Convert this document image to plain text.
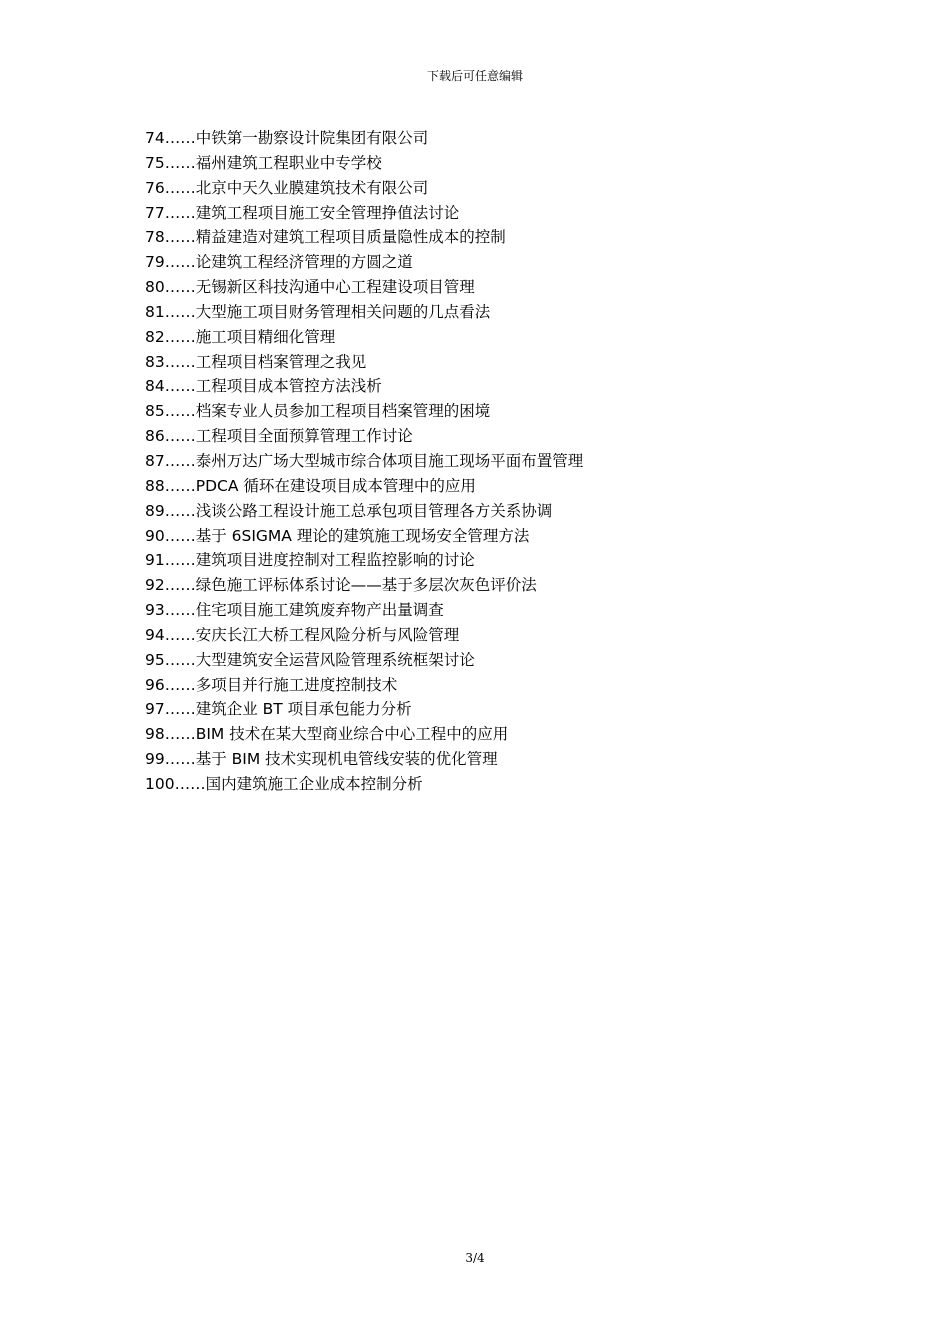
下载后可任意编辑
74……中铁第一勘察设计院集团有限公司
75……福州建筑工程职业中专学校
76……北京中天久业膜建筑技术有限公司
77……建筑工程项目施工安全管理挣值法讨论
78……精益建造对建筑工程项目质量隐性成本的控制
79……论建筑工程经济管理的方圆之道
80……无锡新区科技沟通中心工程建设项目管理
81……大型施工项目财务管理相关问题的几点看法
82……施工项目精细化管理
83……工程项目档案管理之我见
84……工程项目成本管控方法浅析
85……档案专业人员参加工程项目档案管理的困境
86……工程项目全面预算管理工作讨论
87……泰州万达广场大型城市综合体项目施工现场平面布置管理
88……PDCA 循环在建设项目成本管理中的应用
89……浅谈公路工程设计施工总承包项目管理各方关系协调
90……基于 6SIGMA 理论的建筑施工现场安全管理方法
91……建筑项目进度控制对工程监控影响的讨论
92……绿色施工评标体系讨论——基于多层次灰色评价法
93……住宅项目施工建筑废弃物产出量调查
94……安庆长江大桥工程风险分析与风险管理
95……大型建筑安全运营风险管理系统框架讨论
96……多项目并行施工进度控制技术
97……建筑企业 BT 项目承包能力分析
98……BIM 技术在某大型商业综合中心工程中的应用
99……基于 BIM 技术实现机电管线安装的优化管理
100……国内建筑施工企业成本控制分析
3/4
